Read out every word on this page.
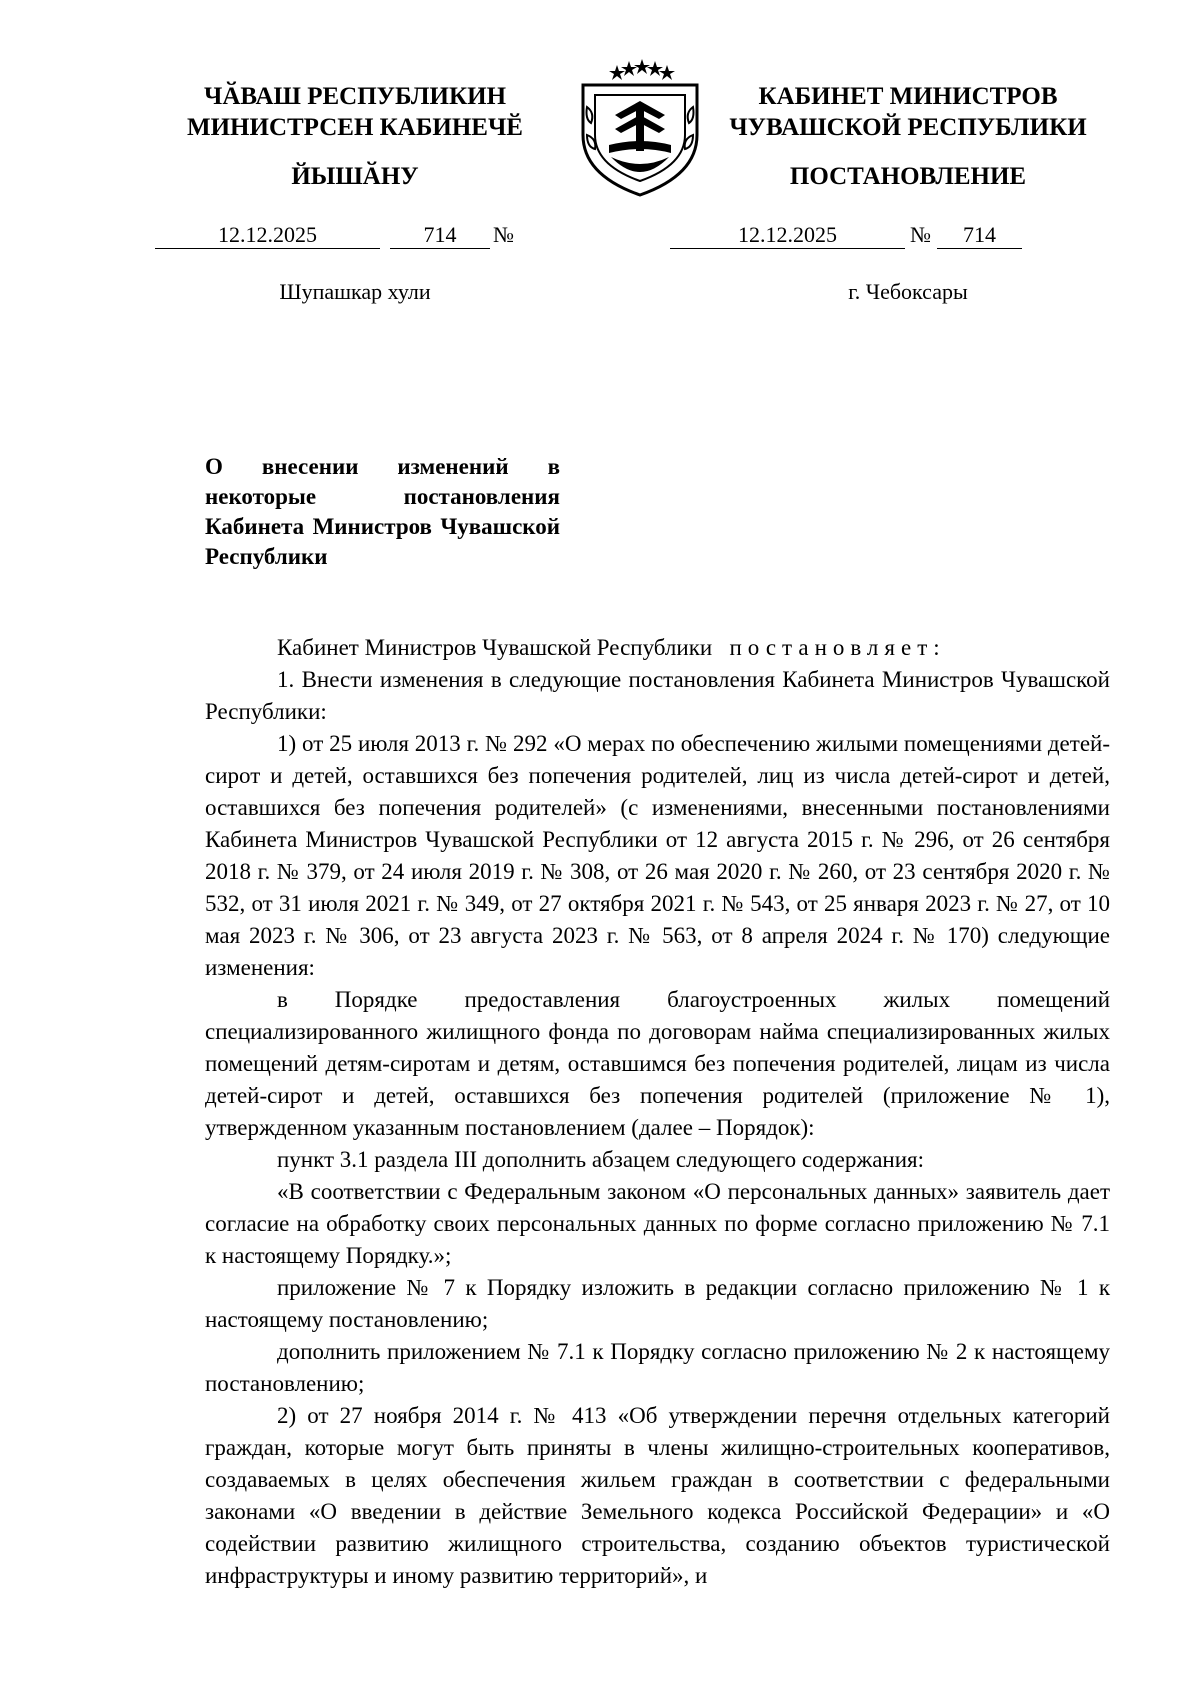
ЧӐВАШ РЕСПУБЛИКИН
МИНИСТРСЕН КАБИНЕЧӖ
ЙЫШӐНУ
КАБИНЕТ МИНИСТРОВ
ЧУВАШСКОЙ РЕСПУБЛИКИ
ПОСТАНОВЛЕНИЕ
12.12.2025	714	№
Шупашкар хули
12.12.2025	№	714
г. Чебоксары
О внесении изменений в некоторые постановления Кабинета Министров Чувашской Республики

Кабинет Министров Чувашской Республики постановляет:

1. Внести изменения в следующие постановления Кабинета Министров Чувашской Республики:

1) от 25 июля 2013 г. № 292 «О мерах по обеспечению жилыми помещениями детей-сирот и детей, оставшихся без попечения родителей, лиц из числа детей-сирот и детей, оставшихся без попечения родителей» (с изменениями, внесенными постановлениями Кабинета Министров Чувашской Республики от 12 августа 2015 г. № 296, от 26 сентября 2018 г. № 379, от 24 июля 2019 г. № 308, от 26 мая 2020 г. № 260, от 23 сентября 2020 г. № 532, от 31 июля 2021 г. № 349, от 27 октября 2021 г. № 543, от 25 января 2023 г. № 27, от 10 мая 2023 г. № 306, от 23 августа 2023 г. № 563, от 8 апреля 2024 г. № 170) следующие изменения:

в Порядке предоставления благоустроенных жилых помещений специализированного жилищного фонда по договорам найма специализированных жилых помещений детям-сиротам и детям, оставшимся без попечения родителей, лицам из числа детей-сирот и детей, оставшихся без попечения родителей (приложение № 1), утвержденном указанным постановлением (далее – Порядок):

пункт 3.1 раздела III дополнить абзацем следующего содержания:

«В соответствии с Федеральным законом «О персональных данных» заявитель дает согласие на обработку своих персональных данных по форме согласно приложению № 7.1 к настоящему Порядку.»;

приложение № 7 к Порядку изложить в редакции согласно приложению № 1 к настоящему постановлению;

дополнить приложением № 7.1 к Порядку согласно приложению № 2 к настоящему постановлению;

2) от 27 ноября 2014 г. № 413 «Об утверждении перечня отдельных категорий граждан, которые могут быть приняты в члены жилищно-строительных кооперативов, создаваемых в целях обеспечения жильем граждан в соответствии с федеральными законами «О введении в действие Земельного кодекса Российской Федерации» и «О содействии развитию жилищного строительства, созданию объектов туристической инфраструктуры и иному развитию территорий», и
